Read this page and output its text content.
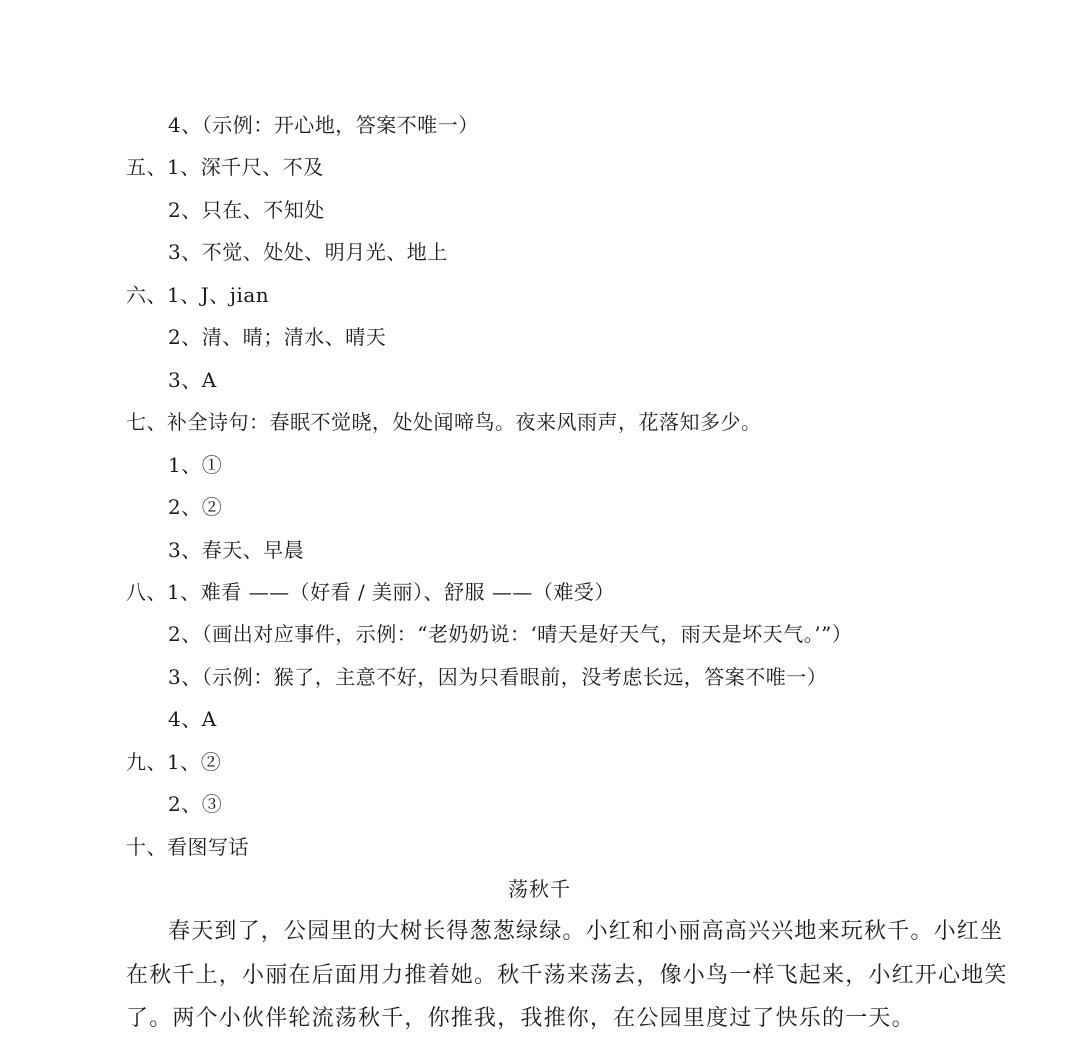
4、（示例：开心地，答案不唯一）
五、1、深千尺、不及
2、只在、不知处
3、不觉、处处、明月光、地上
六、1、J、jian
2、清、晴；清水、晴天
3、A
七、补全诗句：春眠不觉晓，处处闻啼鸟。夜来风雨声，花落知多少。
1、①
2、②
3、春天、早晨
八、1、难看 ——（好看 / 美丽）、舒服 ——（难受）
2、（画出对应事件，示例：“老奶奶说：‘晴天是好天气，雨天是坏天气。’”）
3、（示例：猴了，主意不好，因为只看眼前，没考虑长远，答案不唯一）
4、A
九、1、②
2、③
十、看图写话
荡秋千
春天到了，公园里的大树长得葱葱绿绿。小红和小丽高高兴兴地来玩秋千。小红坐
在秋千上，小丽在后面用力推着她。秋千荡来荡去，像小鸟一样飞起来，小红开心地笑
了。两个小伙伴轮流荡秋千，你推我，我推你，在公园里度过了快乐的一天。
